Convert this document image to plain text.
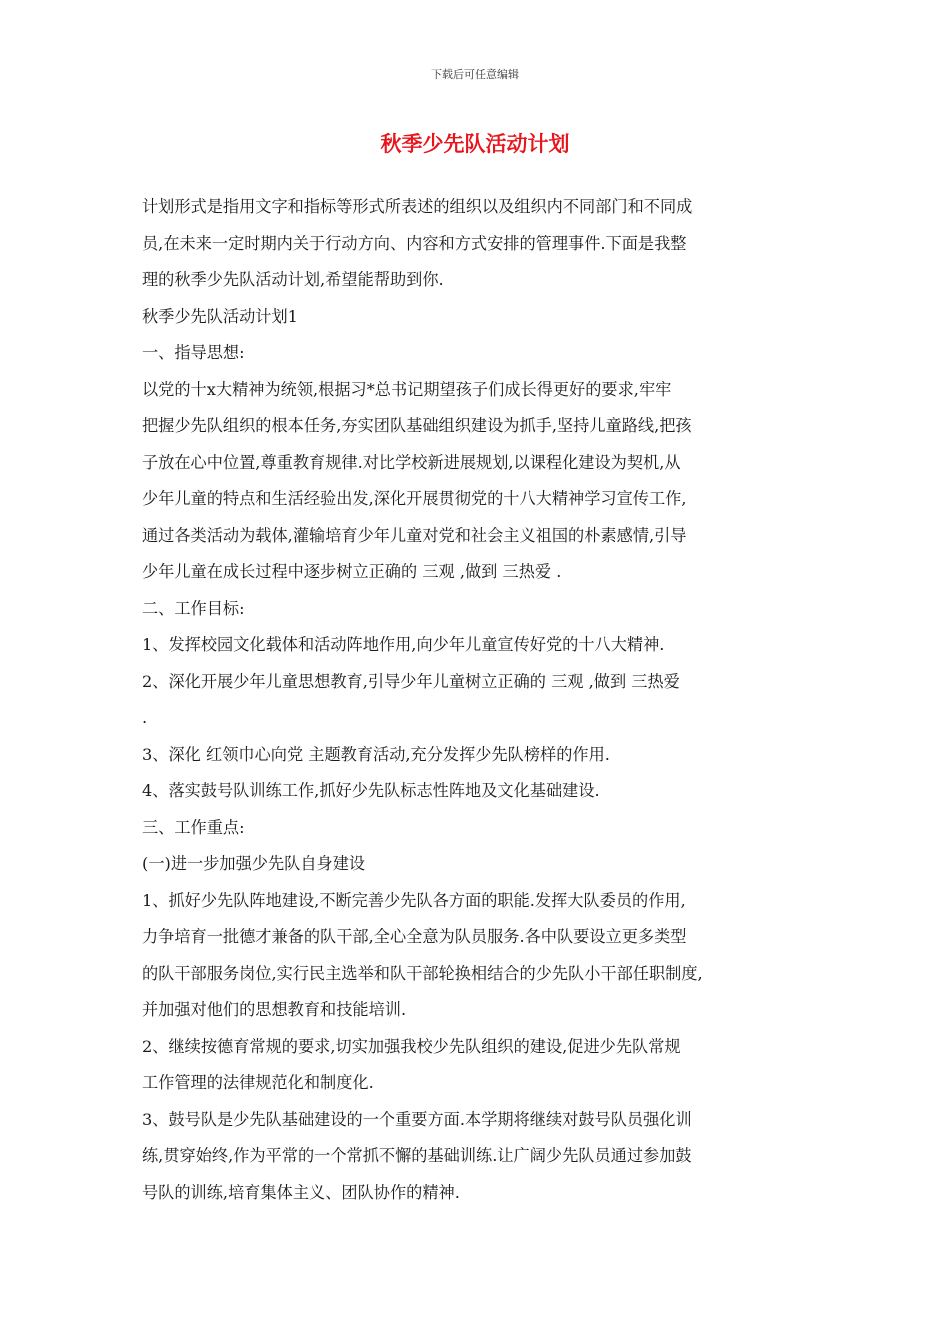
下载后可任意编辑
秋季少先队活动计划
计划形式是指用文字和指标等形式所表述的组织以及组织内不同部门和不同成
员,在未来一定时期内关于行动方向、内容和方式安排的管理事件.下面是我整
理的秋季少先队活动计划,希望能帮助到你.
秋季少先队活动计划1
一、指导思想:
以党的十x大精神为统领,根据习*总书记期望孩子们成长得更好的要求,牢牢
把握少先队组织的根本任务,夯实团队基础组织建设为抓手,坚持儿童路线,把孩
子放在心中位置,尊重教育规律.对比学校新进展规划,以课程化建设为契机,从
少年儿童的特点和生活经验出发,深化开展贯彻党的十八大精神学习宣传工作,
通过各类活动为载体,灌输培育少年儿童对党和社会主义祖国的朴素感情,引导
少年儿童在成长过程中逐步树立正确的 三观 ,做到 三热爱 .
二、工作目标:
1、发挥校园文化载体和活动阵地作用,向少年儿童宣传好党的十八大精神.
2、深化开展少年儿童思想教育,引导少年儿童树立正确的 三观 ,做到 三热爱
.
3、深化 红领巾心向党 主题教育活动,充分发挥少先队榜样的作用.
4、落实鼓号队训练工作,抓好少先队标志性阵地及文化基础建设.
三、工作重点:
(一)进一步加强少先队自身建设
1、抓好少先队阵地建设,不断完善少先队各方面的职能.发挥大队委员的作用,
力争培育一批德才兼备的队干部,全心全意为队员服务.各中队要设立更多类型
的队干部服务岗位,实行民主选举和队干部轮换相结合的少先队小干部任职制度,
并加强对他们的思想教育和技能培训.
2、继续按德育常规的要求,切实加强我校少先队组织的建设,促进少先队常规
工作管理的法律规范化和制度化.
3、鼓号队是少先队基础建设的一个重要方面.本学期将继续对鼓号队员强化训
练,贯穿始终,作为平常的一个常抓不懈的基础训练.让广阔少先队员通过参加鼓
号队的训练,培育集体主义、团队协作的精神.
